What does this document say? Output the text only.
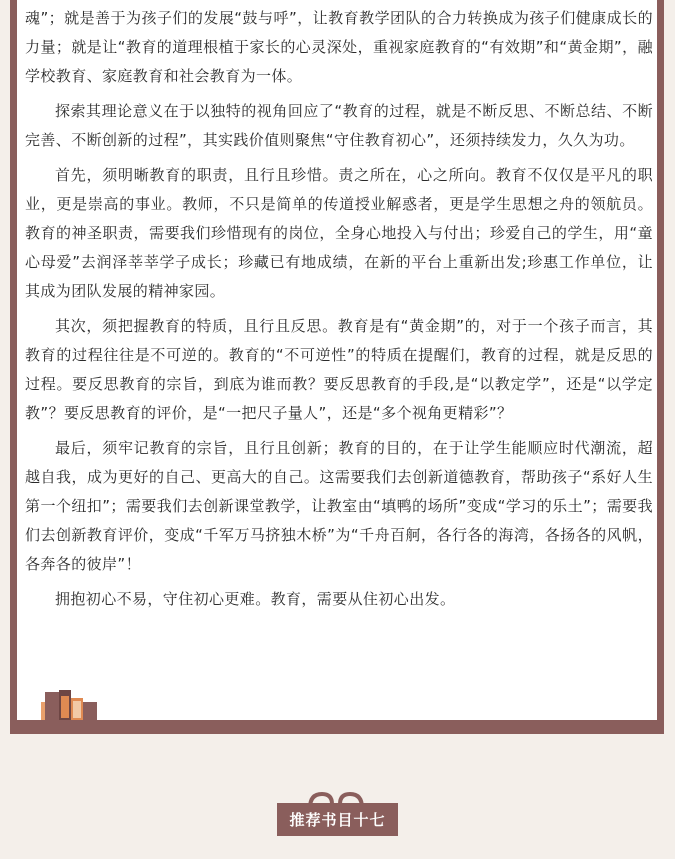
魂”；就是善于为孩子们的发展“鼓与呼”，让教育教学团队的合力转换成为孩子们健康成长的力量；就是让“教育的道理根植于家长的心灵深处，重视家庭教育的“有效期”和“黄金期”，融学校教育、家庭教育和社会教育为一体。

探索其理论意义在于以独特的视角回应了“教育的过程，就是不断反思、不断总结、不断完善、不断创新的过程”，其实践价值则聚焦“守住教育初心”，还须持续发力，久久为功。

首先，须明晰教育的职责，且行且珍惜。责之所在，心之所向。教育不仅仅是平凡的职业，更是崇高的事业。教师，不只是简单的传道授业解惑者，更是学生思想之舟的领航员。教育的神圣职责，需要我们珍惜现有的岗位，全身心地投入与付出；珍爱自己的学生，用“童心母爱”去润泽莘莘学子成长；珍藏已有地成绩，在新的平台上重新出发;珍惠工作单位，让其成为团队发展的精神家园。

其次，须把握教育的特质，且行且反思。教育是有“黄金期”的，对于一个孩子而言，其教育的过程往往是不可逆的。教育的“不可逆性”的特质在提醒们，教育的过程，就是反思的过程。要反思教育的宗旨，到底为谁而教？要反思教育的手段,是“以教定学”，还是“以学定教”？要反思教育的评价，是“一把尺子量人”，还是“多个视角更精彩”？

最后，须牢记教育的宗旨，且行且创新；教育的目的，在于让学生能顺应时代潮流，超越自我，成为更好的自己、更高大的自己。这需要我们去创新道德教育，帮助孩子“系好人生第一个纽扣”；需要我们去创新课堂教学，让教室由“填鸭的场所”变成“学习的乐土”；需要我们去创新教育评价，变成“千军万马挤独木桥”为“千舟百舸，各行各的海湾，各扬各的风帆，各奔各的彼岸”！

拥抱初心不易，守住初心更难。教育，需要从住初心出发。

推荐书目十七
